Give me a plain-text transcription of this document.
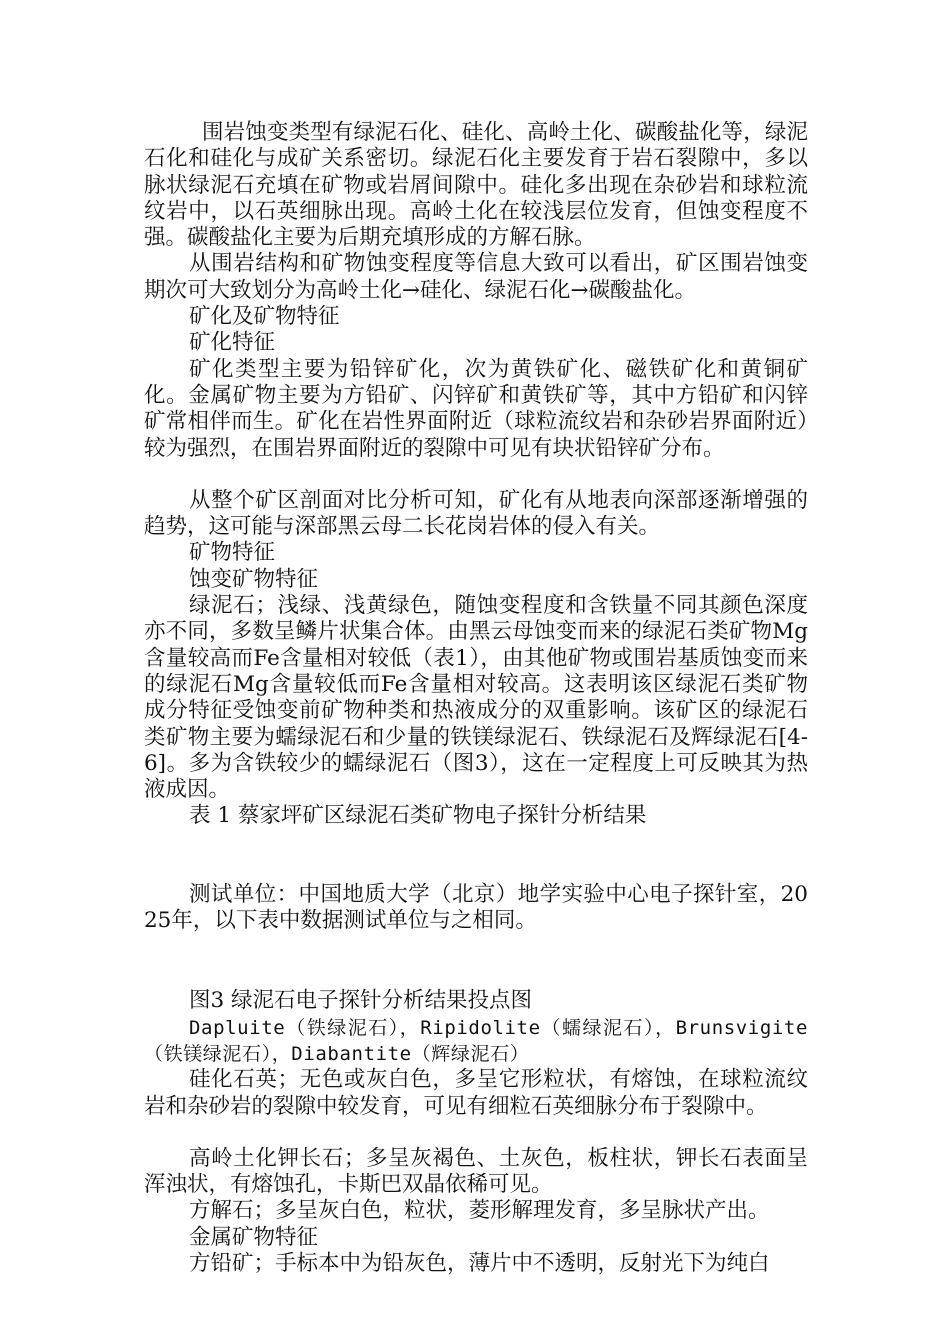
围岩蚀变类型有绿泥石化、硅化、高岭土化、碳酸盐化等，绿泥石化和硅化与成矿关系密切。绿泥石化主要发育于岩石裂隙中，多以脉状绿泥石充填在矿物或岩屑间隙中。硅化多出现在杂砂岩和球粒流纹岩中，以石英细脉出现。高岭土化在较浅层位发育，但蚀变程度不强。碳酸盐化主要为后期充填形成的方解石脉。

从围岩结构和矿物蚀变程度等信息大致可以看出，矿区围岩蚀变期次可大致划分为高岭土化→硅化、绿泥石化→碳酸盐化。

矿化及矿物特征

矿化特征

矿化类型主要为铅锌矿化，次为黄铁矿化、磁铁矿化和黄铜矿化。金属矿物主要为方铅矿、闪锌矿和黄铁矿等，其中方铅矿和闪锌矿常相伴而生。矿化在岩性界面附近（球粒流纹岩和杂砂岩界面附近）较为强烈，在围岩界面附近的裂隙中可见有块状铅锌矿分布。

从整个矿区剖面对比分析可知，矿化有从地表向深部逐渐增强的趋势，这可能与深部黑云母二长花岗岩体的侵入有关。

矿物特征

蚀变矿物特征

绿泥石；浅绿、浅黄绿色，随蚀变程度和含铁量不同其颜色深度亦不同，多数呈鳞片状集合体。由黑云母蚀变而来的绿泥石类矿物Mg含量较高而Fe含量相对较低（表1），由其他矿物或围岩基质蚀变而来的绿泥石Mg含量较低而Fe含量相对较高。这表明该区绿泥石类矿物成分特征受蚀变前矿物种类和热液成分的双重影响。该矿区的绿泥石类矿物主要为蠕绿泥石和少量的铁镁绿泥石、铁绿泥石及辉绿泥石[4-6]。多为含铁较少的蠕绿泥石（图3），这在一定程度上可反映其为热液成因。

表 1 蔡家坪矿区绿泥石类矿物电子探针分析结果

测试单位：中国地质大学（北京）地学实验中心电子探针室，2025年，以下表中数据测试单位与之相同。

图3 绿泥石电子探针分析结果投点图

Dapluite（铁绿泥石），Ripidolite（蠕绿泥石），Brunsvigite（铁镁绿泥石），Diabantite（辉绿泥石）

硅化石英；无色或灰白色，多呈它形粒状，有熔蚀，在球粒流纹岩和杂砂岩的裂隙中较发育，可见有细粒石英细脉分布于裂隙中。

高岭土化钾长石；多呈灰褐色、土灰色，板柱状，钾长石表面呈浑浊状，有熔蚀孔，卡斯巴双晶依稀可见。

方解石；多呈灰白色，粒状，菱形解理发育，多呈脉状产出。

金属矿物特征

方铅矿；手标本中为铅灰色，薄片中不透明，反射光下为纯白
